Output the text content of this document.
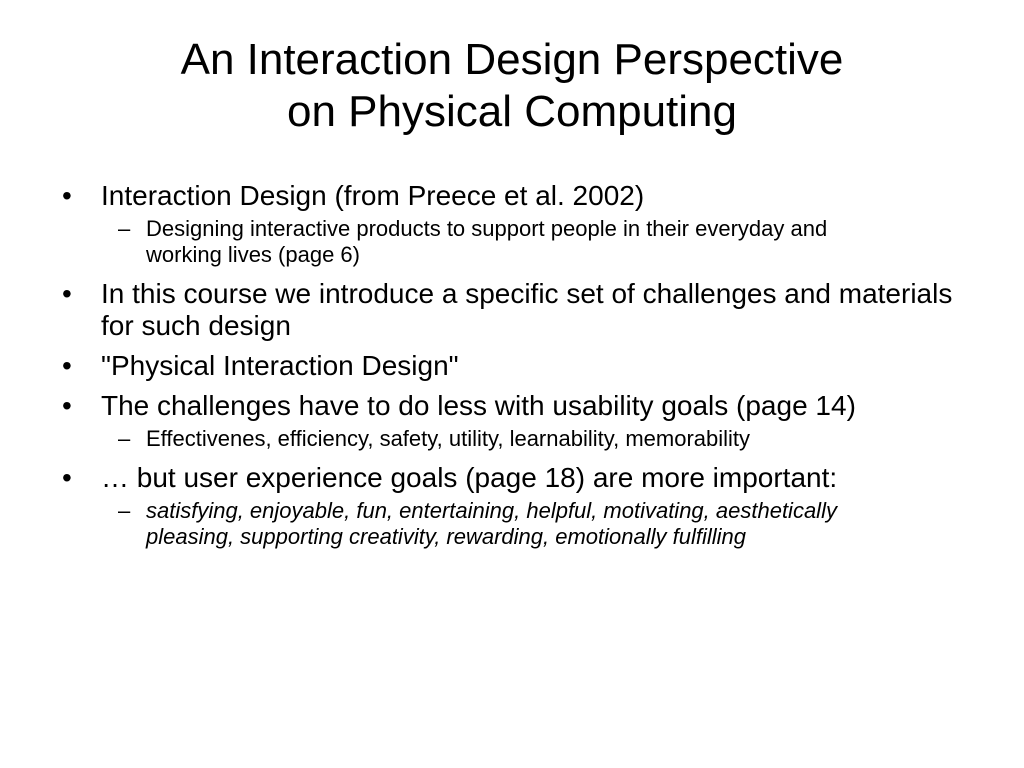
An Interaction Design Perspective
on Physical Computing
• Interaction Design (from Preece et al. 2002)
– Designing interactive products to support people in their everyday and working lives (page 6)
• In this course we introduce a specific set of challenges and materials for such design
• "Physical Interaction Design"
• The challenges have to do less with usability goals (page 14)
– Effectivenes, efficiency, safety, utility, learnability, memorability
• … but user experience goals (page 18) are more important:
– satisfying, enjoyable, fun, entertaining, helpful, motivating, aesthetically pleasing, supporting creativity, rewarding, emotionally fulfilling
